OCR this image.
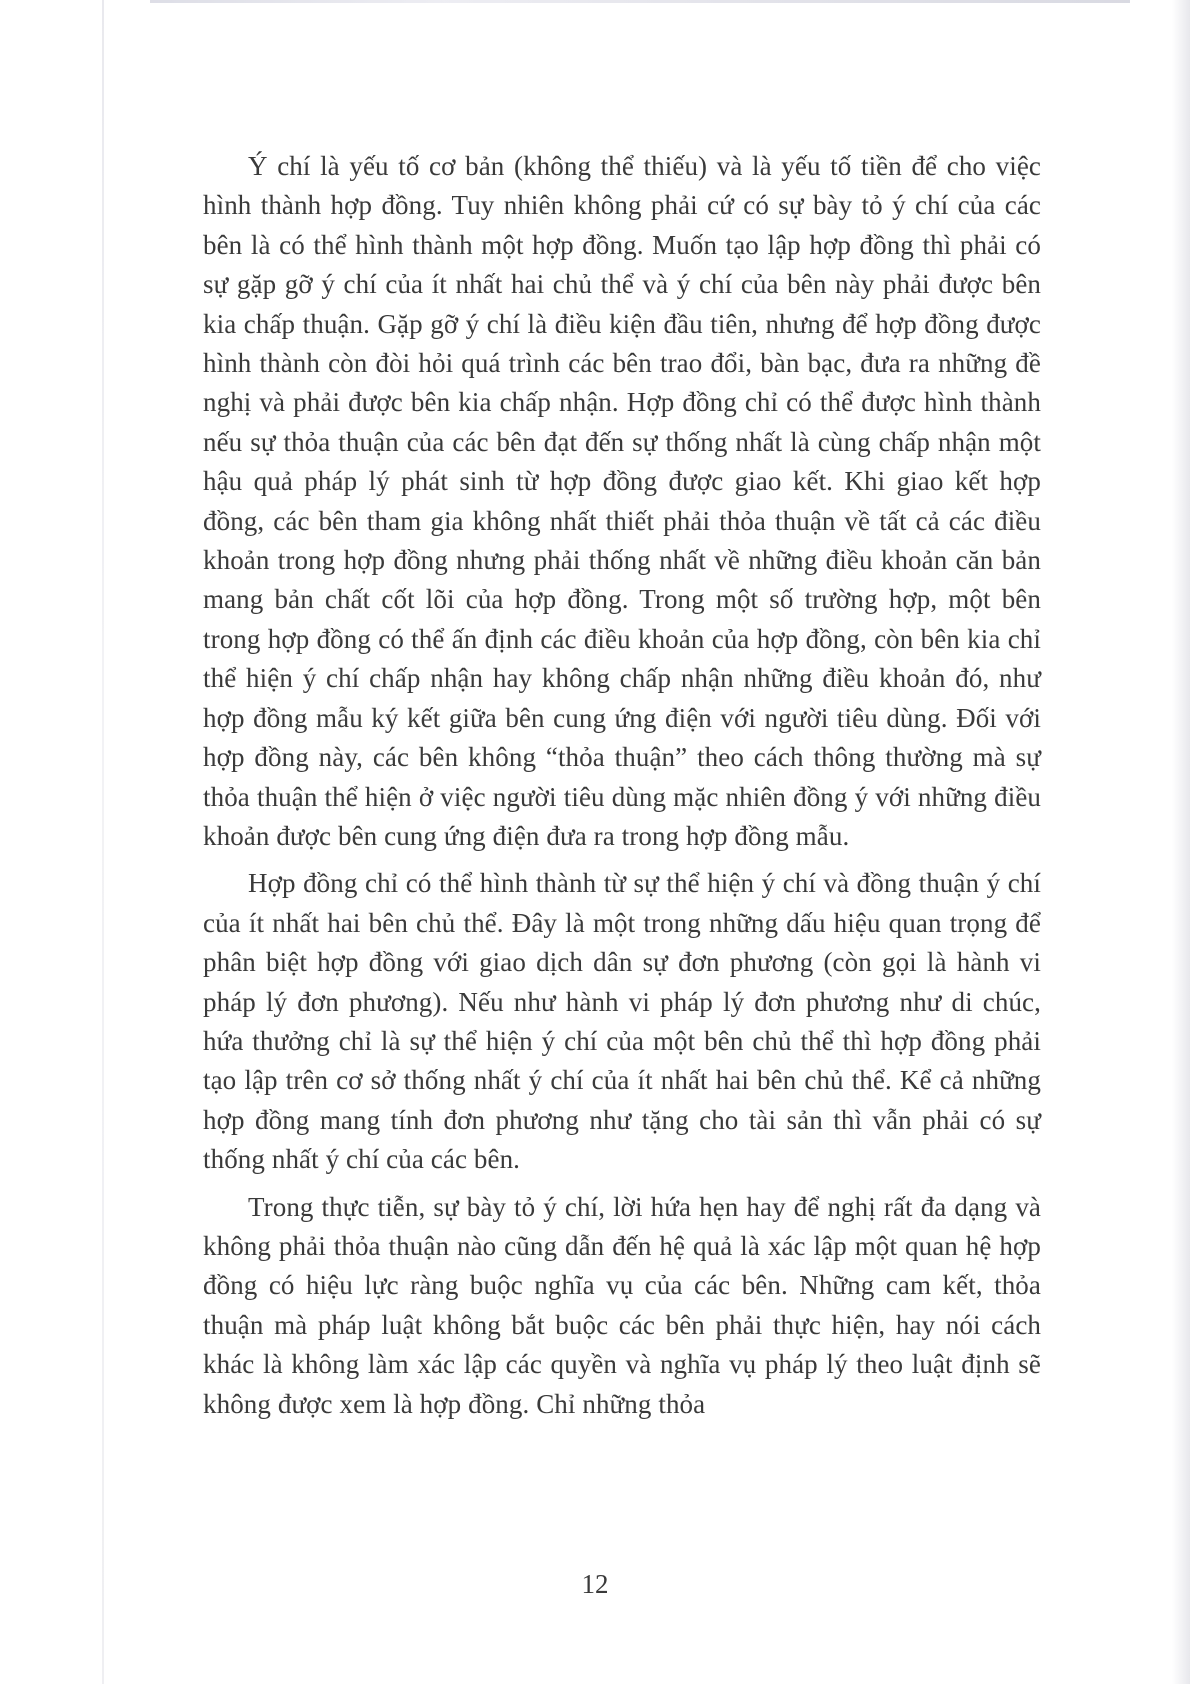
Ý chí là yếu tố cơ bản (không thể thiếu) và là yếu tố tiền để cho việc hình thành hợp đồng. Tuy nhiên không phải cứ có sự bày tỏ ý chí của các bên là có thể hình thành một hợp đồng. Muốn tạo lập hợp đồng thì phải có sự gặp gỡ ý chí của ít nhất hai chủ thể và ý chí của bên này phải được bên kia chấp thuận. Gặp gỡ ý chí là điều kiện đầu tiên, nhưng để hợp đồng được hình thành còn đòi hỏi quá trình các bên trao đổi, bàn bạc, đưa ra những đề nghị và phải được bên kia chấp nhận. Hợp đồng chỉ có thể được hình thành nếu sự thỏa thuận của các bên đạt đến sự thống nhất là cùng chấp nhận một hậu quả pháp lý phát sinh từ hợp đồng được giao kết. Khi giao kết hợp đồng, các bên tham gia không nhất thiết phải thỏa thuận về tất cả các điều khoản trong hợp đồng nhưng phải thống nhất về những điều khoản căn bản mang bản chất cốt lõi của hợp đồng. Trong một số trường hợp, một bên trong hợp đồng có thể ấn định các điều khoản của hợp đồng, còn bên kia chỉ thể hiện ý chí chấp nhận hay không chấp nhận những điều khoản đó, như hợp đồng mẫu ký kết giữa bên cung ứng điện với người tiêu dùng. Đối với hợp đồng này, các bên không “thỏa thuận” theo cách thông thường mà sự thỏa thuận thể hiện ở việc người tiêu dùng mặc nhiên đồng ý với những điều khoản được bên cung ứng điện đưa ra trong hợp đồng mẫu.

Hợp đồng chỉ có thể hình thành từ sự thể hiện ý chí và đồng thuận ý chí của ít nhất hai bên chủ thể. Đây là một trong những dấu hiệu quan trọng để phân biệt hợp đồng với giao dịch dân sự đơn phương (còn gọi là hành vi pháp lý đơn phương). Nếu như hành vi pháp lý đơn phương như di chúc, hứa thưởng chỉ là sự thể hiện ý chí của một bên chủ thể thì hợp đồng phải tạo lập trên cơ sở thống nhất ý chí của ít nhất hai bên chủ thể. Kể cả những hợp đồng mang tính đơn phương như tặng cho tài sản thì vẫn phải có sự thống nhất ý chí của các bên.

Trong thực tiễn, sự bày tỏ ý chí, lời hứa hẹn hay để nghị rất đa dạng và không phải thỏa thuận nào cũng dẫn đến hệ quả là xác lập một quan hệ hợp đồng có hiệu lực ràng buộc nghĩa vụ của các bên. Những cam kết, thỏa thuận mà pháp luật không bắt buộc các bên phải thực hiện, hay nói cách khác là không làm xác lập các quyền và nghĩa vụ pháp lý theo luật định sẽ không được xem là hợp đồng. Chỉ những thỏa

12
